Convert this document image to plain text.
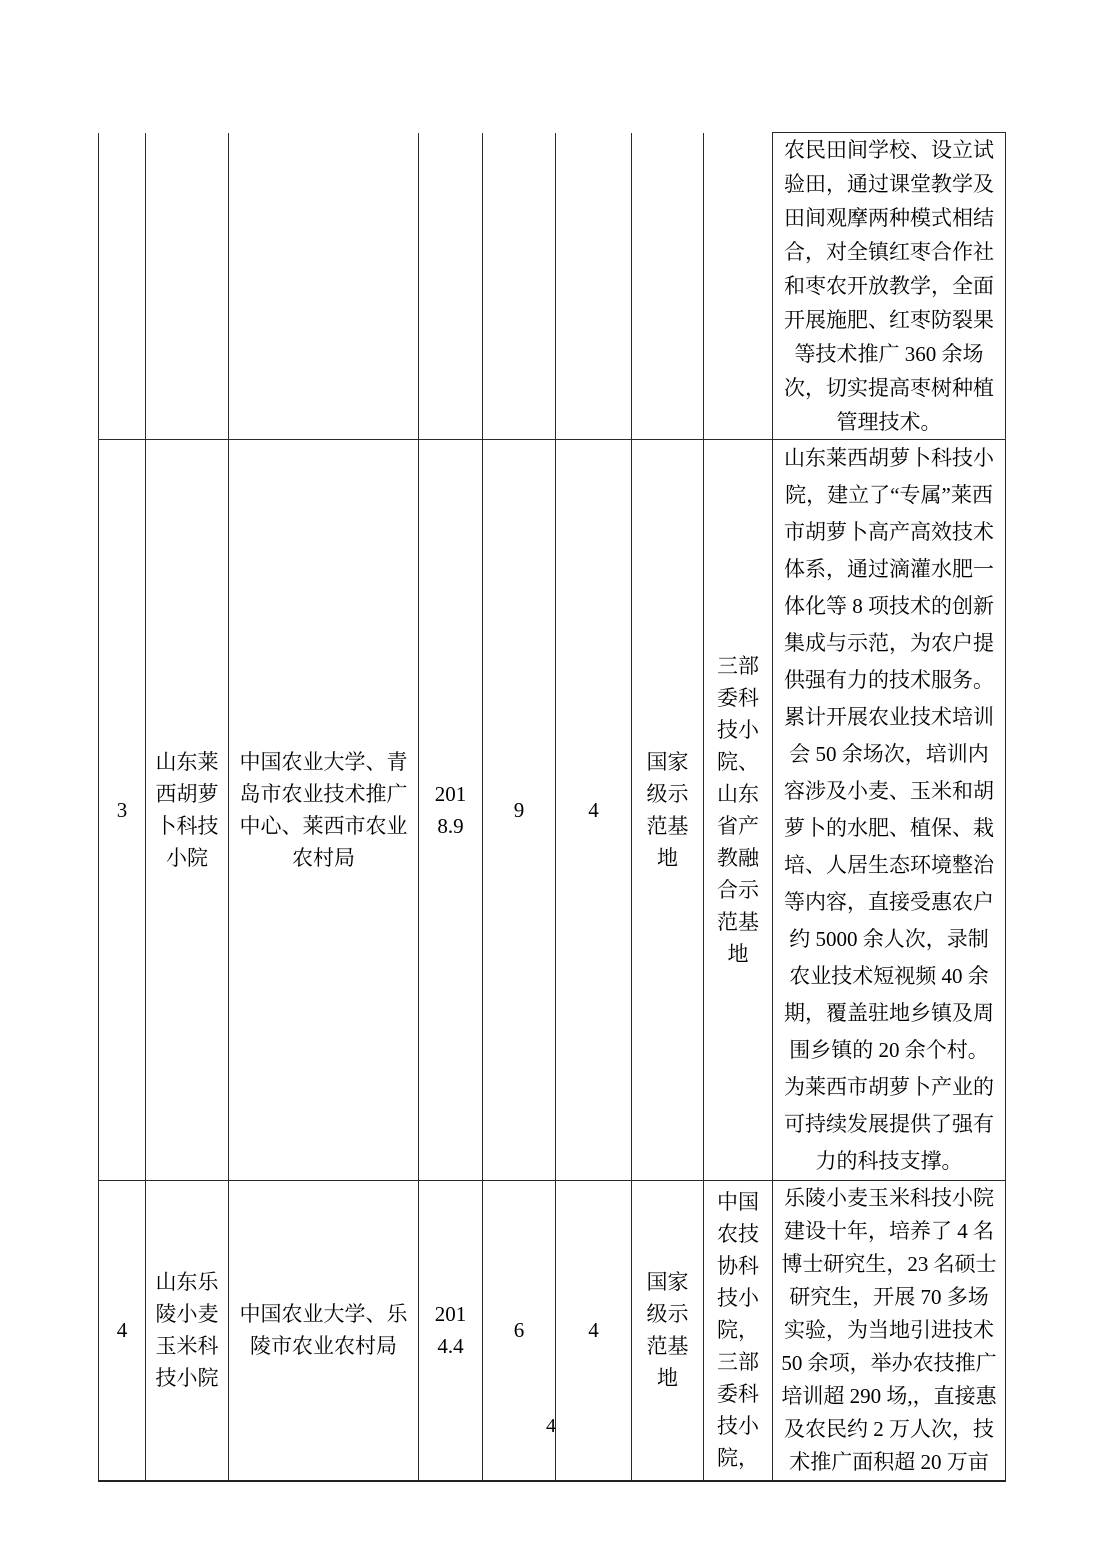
								农民田间学校、设立试验田，通过课堂教学及田间观摩两种模式相结合，对全镇红枣合作社和枣农开放教学，全面开展施肥、红枣防裂果等技术推广 360 余场次，切实提高枣树种植管理技术。
3	山东莱西胡萝卜科技小院	中国农业大学、青岛市农业技术推广中心、莱西市农业农村局	2018.9	9	4	国家级示范基地	三部委科技小院、山东省产教融合示范基地	山东莱西胡萝卜科技小院，建立了“专属”莱西市胡萝卜高产高效技术体系，通过滴灌水肥一体化等 8 项技术的创新集成与示范，为农户提供强有力的技术服务。累计开展农业技术培训会 50 余场次，培训内容涉及小麦、玉米和胡萝卜的水肥、植保、栽培、人居生态环境整治等内容，直接受惠农户约 5000 余人次，录制农业技术短视频 40 余期，覆盖驻地乡镇及周围乡镇的 20 余个村。为莱西市胡萝卜产业的可持续发展提供了强有力的科技支撑。
4	山东乐陵小麦玉米科技小院	中国农业大学、乐陵市农业农村局	2014.4	6	4	国家级示范基地	中国农技协科技小院，三部委科技小院，	乐陵小麦玉米科技小院建设十年，培养了 4 名博士研究生，23 名硕士研究生，开展 70 多场实验，为当地引进技术 50 余项，举办农技推广培训超 290 场,，直接惠及农民约 2 万人次，技术推广面积超 20 万亩
4
